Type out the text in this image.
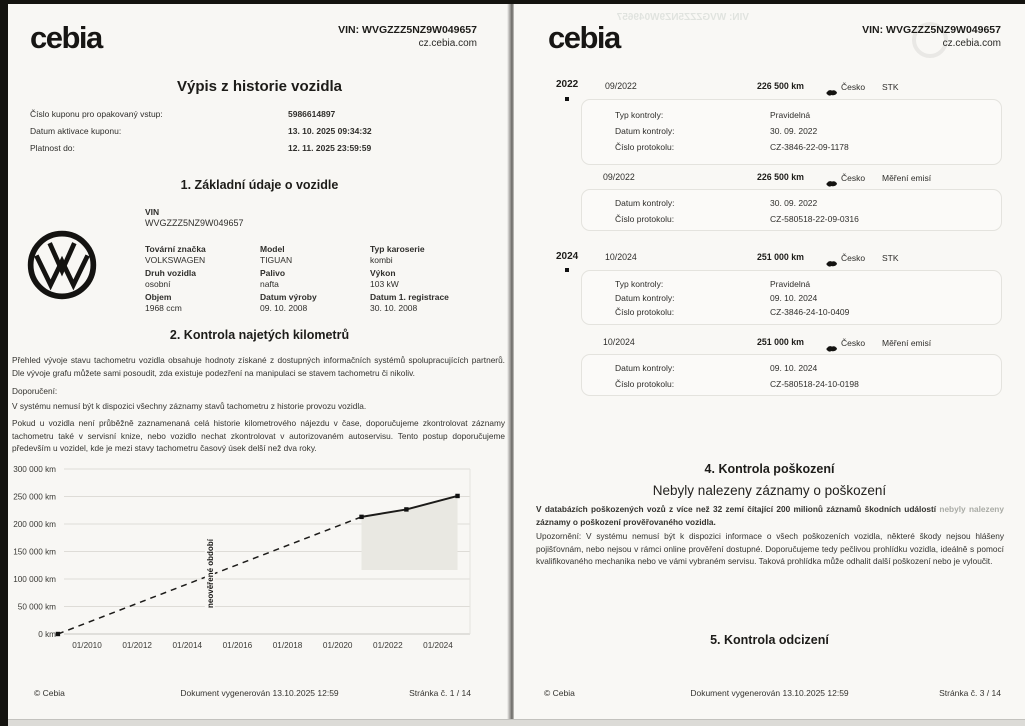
cebia	VIN: WVGZZZ5NZ9W049657
cz.cebia.com
Výpis z historie vozidla
Číslo kuponu pro opakovaný vstup:	5986614897
Datum aktivace kuponu:	13. 10. 2025 09:34:32
Platnost do:	12. 11. 2025 23:59:59
1. Základní údaje o vozidle
VIN
WVGZZZ5NZ9W049657
Tovární značka
VOLKSWAGEN
Model
TIGUAN
Typ karoserie
kombi
Druh vozidla
osobní
Palivo
nafta
Výkon
103 kW
Objem
1968 ccm
Datum výroby
09. 10. 2008
Datum 1. registrace
30. 10. 2008
2. Kontrola najetých kilometrů
Přehled vývoje stavu tachometru vozidla obsahuje hodnoty získané z dostupných informačních systémů spolupracujících partnerů. Dle vývoje grafu můžete sami posoudit, zda existuje podezření na manipulaci se stavem tachometru či nikoliv.
Doporučení:
V systému nemusí být k dispozici všechny záznamy stavů tachometru z historie provozu vozidla.
Pokud u vozidla není průběžně zaznamenaná celá historie kilometrového nájezdu v čase, doporučujeme zkontrolovat záznamy tachometru také v servisní knize, nebo vozidlo nechat zkontrolovat v autorizovaném autoservisu. Tento postup doporučujeme především u vozidel, kde je mezi stavy tachometru časový úsek delší než dva roky.
0 km
50 000 km
100 000 km
150 000 km
200 000 km
250 000 km
300 000 km
01/2010	01/2012	01/2014	01/2016	01/2018	01/2020	01/2022	01/2024
neověřené období
© Cebia	Dokument vygenerován 13.10.2025 12:59	Stránka č. 1 / 14
VIN: WVGZZZ5NZ9W049657
cebia	VIN: WVGZZZ5NZ9W049657
cz.cebia.com
2022	09/2022	226 500 km	Česko STK
Typ kontroly:	Pravidelná
Datum kontroly:	30. 09. 2022
Číslo protokolu:	CZ-3846-22-09-1178
09/2022	226 500 km	Česko Měření emisí
Datum kontroly:	30. 09. 2022
Číslo protokolu:	CZ-580518-22-09-0316
2024	10/2024	251 000 km	Česko STK
Typ kontroly:	Pravidelná
Datum kontroly:	09. 10. 2024
Číslo protokolu:	CZ-3846-24-10-0409
10/2024	251 000 km	Česko Měření emisí
Datum kontroly:	09. 10. 2024
Číslo protokolu:	CZ-580518-24-10-0198
4. Kontrola poškození
Nebyly nalezeny záznamy o poškození
V databázích poškozených vozů z více než 32 zemí čítající 200 milionů záznamů škodních událostí nebyly nalezeny záznamy o poškození prověřovaného vozidla.
Upozornění: V systému nemusí být k dispozici informace o všech poškozeních vozidla, některé škody nejsou hlášeny pojišťovnám, nebo nejsou v rámci online prověření dostupné. Doporučujeme tedy pečlivou prohlídku vozidla, ideálně s pomocí kvalifikovaného mechanika nebo ve vámi vybraném servisu. Taková prohlídka může odhalit další poškození nebo je vyloučit.
5. Kontrola odcizení
© Cebia	Dokument vygenerován 13.10.2025 12:59	Stránka č. 3 / 14
